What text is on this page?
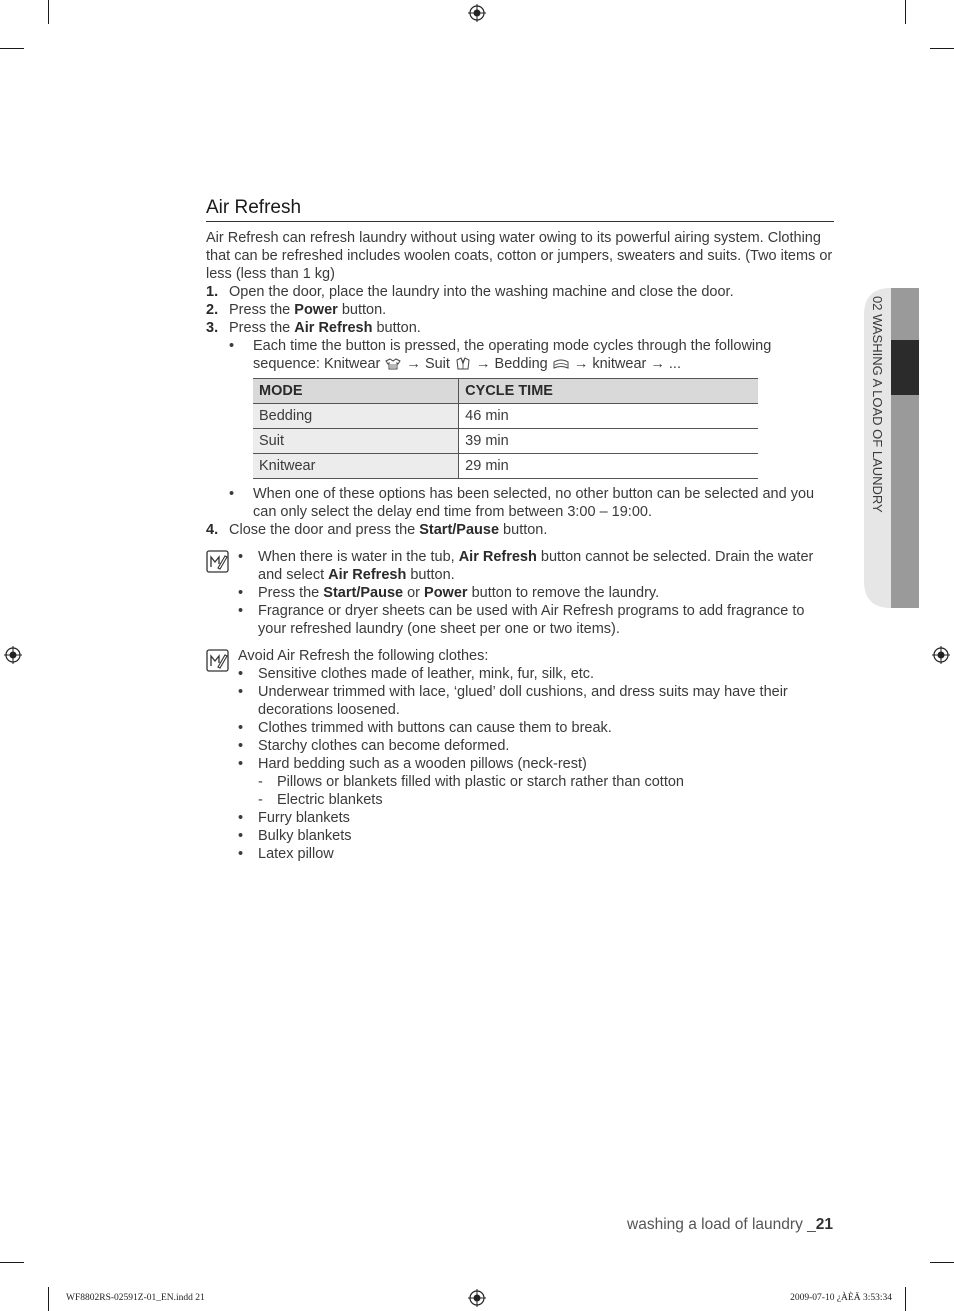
Air Refresh

Air Refresh can refresh laundry without using water owing to its powerful airing system. Clothing that can be refreshed includes woolen coats, cotton or jumpers, sweaters and suits. (Two items or less (less than 1 kg)

1. Open the door, place the laundry into the washing machine and close the door.
2. Press the Power button.
3. Press the Air Refresh button.
• Each time the button is pressed, the operating mode cycles through the following
sequence: Knitwear  → Suit  → Bedding  → knitwear → ...
MODE	CYCLE TIME
Bedding	46 min
Suit	39 min
Knitwear	29 min
• When one of these options has been selected, no other button can be selected and you can only select the delay end time from between 3:00 – 19:00.
4. Close the door and press the Start/Pause button.
• When there is water in the tub, Air Refresh button cannot be selected. Drain the water and select Air Refresh button.
• Press the Start/Pause or Power button to remove the laundry.
• Fragrance or dryer sheets can be used with Air Refresh programs to add fragrance to your refreshed laundry (one sheet per one or two items).

Avoid Air Refresh the following clothes:

• Sensitive clothes made of leather, mink, fur, silk, etc.
• Underwear trimmed with lace, ‘glued’ doll cushions, and dress suits may have their decorations loosened.
• Clothes trimmed with buttons can cause them to break.
• Starchy clothes can become deformed.
• Hard bedding such as a wooden pillows (neck-rest)
- Pillows or blankets filled with plastic or starch rather than cotton
- Electric blankets
• Furry blankets
• Bulky blankets
• Latex pillow
02 WASHING A LOAD OF LAUNDRY
washing a load of laundry _21
WF8802RS-02591Z-01_EN.indd 21	2009-07-10 ¿ÀÈÄ 3:53:34
